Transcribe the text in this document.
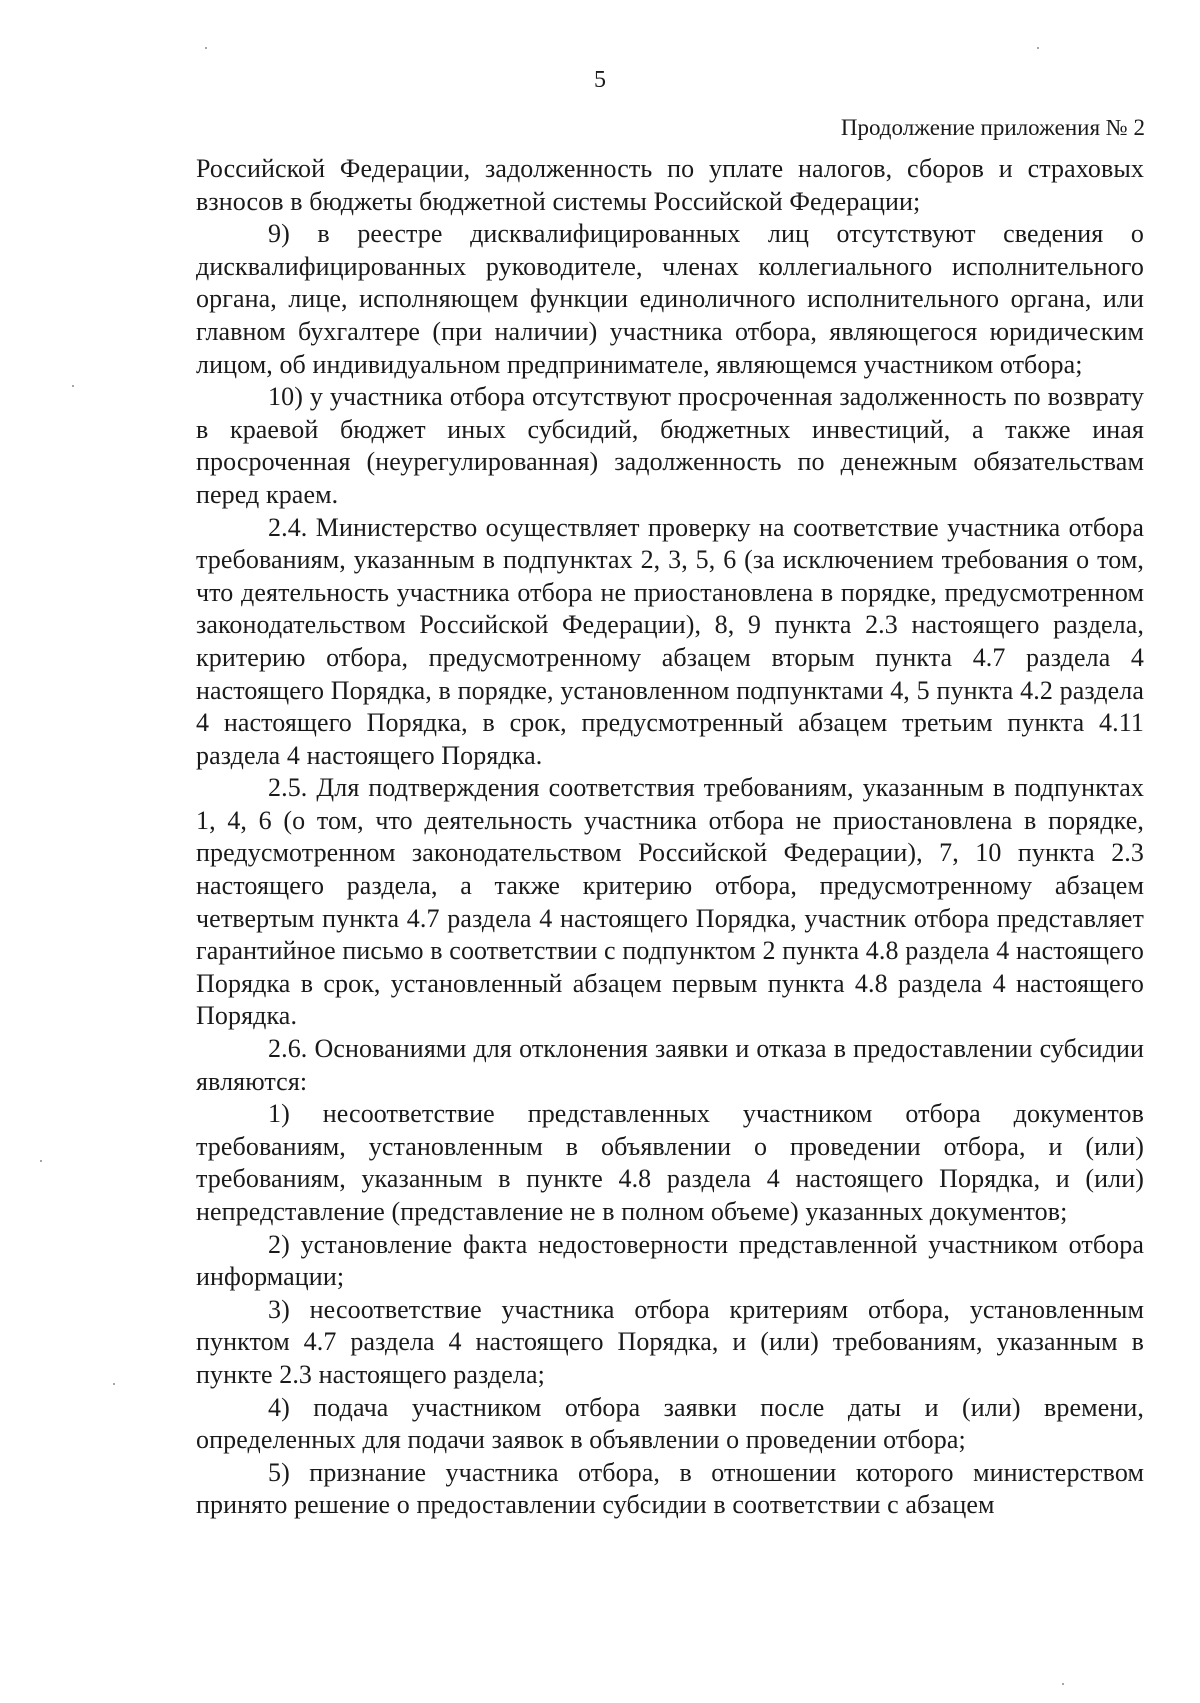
5
Продолжение приложения № 2

Российской Федерации, задолженность по уплате налогов, сборов и страховых взносов в бюджеты бюджетной системы Российской Федерации;

9) в реестре дисквалифицированных лиц отсутствуют сведения о дисквалифицированных руководителе, членах коллегиального исполнительного органа, лице, исполняющем функции единоличного исполнительного органа, или главном бухгалтере (при наличии) участника отбора, являющегося юридическим лицом, об индивидуальном предпринимателе, являющемся участником отбора;

10) у участника отбора отсутствуют просроченная задолженность по возврату в краевой бюджет иных субсидий, бюджетных инвестиций, а также иная просроченная (неурегулированная) задолженность по денежным обязательствам перед краем.

2.4. Министерство осуществляет проверку на соответствие участника отбора требованиям, указанным в подпунктах 2, 3, 5, 6 (за исключением требования о том, что деятельность участника отбора не приостановлена в порядке, предусмотренном законодательством Российской Федерации), 8, 9 пункта 2.3 настоящего раздела, критерию отбора, предусмотренному абзацем вторым пункта 4.7 раздела 4 настоящего Порядка, в порядке, установленном подпунктами 4, 5 пункта 4.2 раздела 4 настоящего Порядка, в срок, предусмотренный абзацем третьим пункта 4.11 раздела 4 настоящего Порядка.

2.5. Для подтверждения соответствия требованиям, указанным в подпунктах 1, 4, 6 (о том, что деятельность участника отбора не приостановлена в порядке, предусмотренном законодательством Российской Федерации), 7, 10 пункта 2.3 настоящего раздела, а также критерию отбора, предусмотренному абзацем четвертым пункта 4.7 раздела 4 настоящего Порядка, участник отбора представляет гарантийное письмо в соответствии с подпунктом 2 пункта 4.8 раздела 4 настоящего Порядка в срок, установленный абзацем первым пункта 4.8 раздела 4 настоящего Порядка.

2.6. Основаниями для отклонения заявки и отказа в предоставлении субсидии являются:

1) несоответствие представленных участником отбора документов требованиям, установленным в объявлении о проведении отбора, и (или) требованиям, указанным в пункте 4.8 раздела 4 настоящего Порядка, и (или) непредставление (представление не в полном объеме) указанных документов;

2) установление факта недостоверности представленной участником отбора информации;

3) несоответствие участника отбора критериям отбора, установленным пунктом 4.7 раздела 4 настоящего Порядка, и (или) требованиям, указанным в пункте 2.3 настоящего раздела;

4) подача участником отбора заявки после даты и (или) времени, определенных для подачи заявок в объявлении о проведении отбора;

5) признание участника отбора, в отношении которого министерством принято решение о предоставлении субсидии в соответствии с абзацем
